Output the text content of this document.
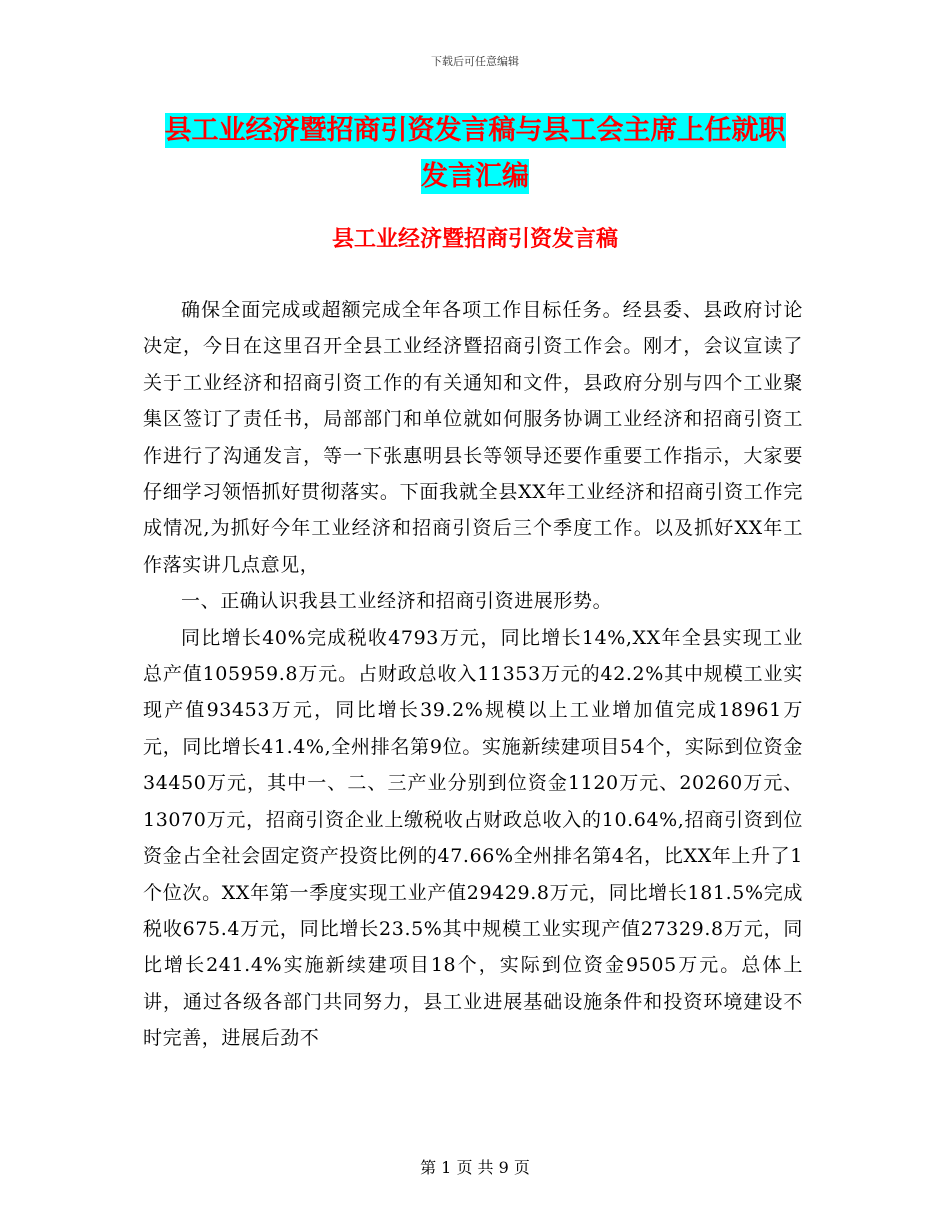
下载后可任意编辑
县工业经济暨招商引资发言稿与县工会主席上任就职
发言汇编
县工业经济暨招商引资发言稿

确保全面完成或超额完成全年各项工作目标任务。经县委、县政府讨论决定，今日在这里召开全县工业经济暨招商引资工作会。刚才，会议宣读了关于工业经济和招商引资工作的有关通知和文件，县政府分别与四个工业聚集区签订了责任书，局部部门和单位就如何服务协调工业经济和招商引资工作进行了沟通发言，等一下张惠明县长等领导还要作重要工作指示，大家要仔细学习领悟抓好贯彻落实。下面我就全县XX年工业经济和招商引资工作完成情况,为抓好今年工业经济和招商引资后三个季度工作。以及抓好XX年工作落实讲几点意见，

一、正确认识我县工业经济和招商引资进展形势。

同比增长40%完成税收4793万元，同比增长14%,XX年全县实现工业总产值105959.8万元。占财政总收入11353万元的42.2%其中规模工业实现产值93453万元，同比增长39.2%规模以上工业增加值完成18961万元，同比增长41.4%,全州排名第9位。实施新续建项目54个，实际到位资金34450万元，其中一、二、三产业分别到位资金1120万元、20260万元、13070万元，招商引资企业上缴税收占财政总收入的10.64%,招商引资到位资金占全社会固定资产投资比例的47.66%全州排名第4名，比XX年上升了1个位次。XX年第一季度实现工业产值29429.8万元，同比增长181.5%完成税收675.4万元，同比增长23.5%其中规模工业实现产值27329.8万元，同比增长241.4%实施新续建项目18个，实际到位资金9505万元。总体上讲，通过各级各部门共同努力，县工业进展基础设施条件和投资环境建设不时完善，进展后劲不

第 1 页 共 9 页
